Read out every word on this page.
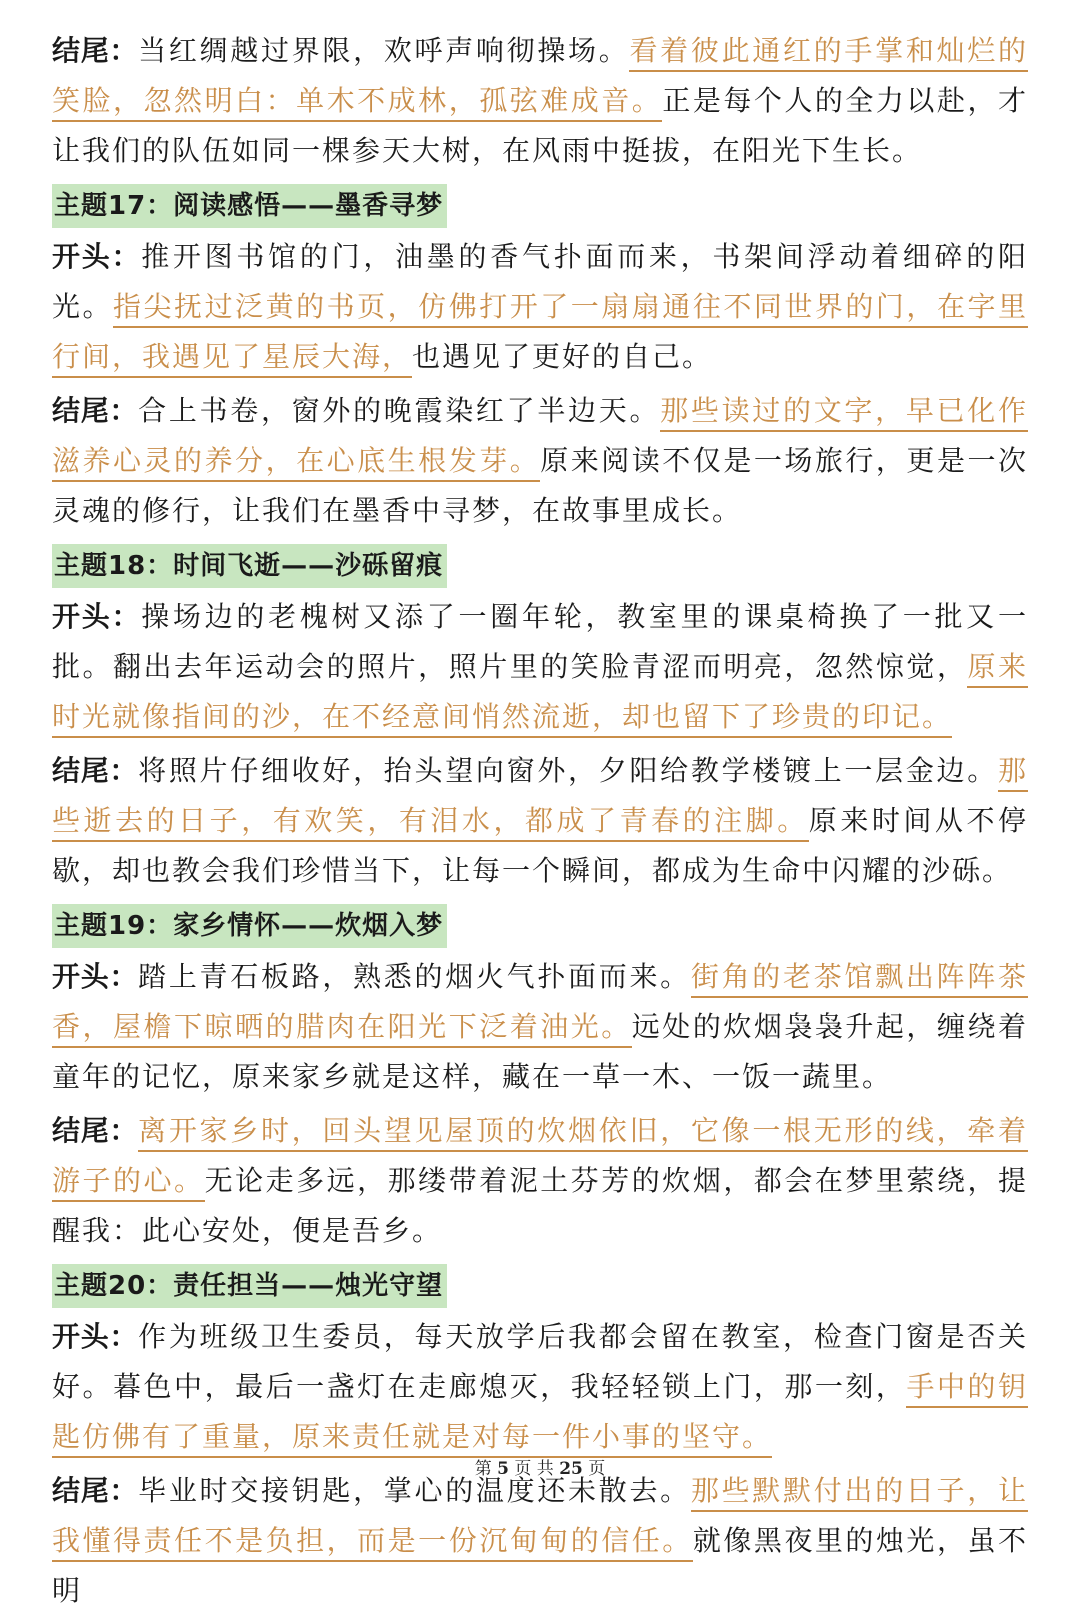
结尾：当红绸越过界限，欢呼声响彻操场。看着彼此通红的手掌和灿烂的笑脸，忽然明白：单木不成林，孤弦难成音。正是每个人的全力以赴，才让我们的队伍如同一棵参天大树，在风雨中挺拔，在阳光下生长。

主题17：阅读感悟——墨香寻梦

开头：推开图书馆的门，油墨的香气扑面而来，书架间浮动着细碎的阳光。指尖抚过泛黄的书页，仿佛打开了一扇扇通往不同世界的门，在字里行间，我遇见了星辰大海，也遇见了更好的自己。

结尾：合上书卷，窗外的晚霞染红了半边天。那些读过的文字，早已化作滋养心灵的养分，在心底生根发芽。原来阅读不仅是一场旅行，更是一次灵魂的修行，让我们在墨香中寻梦，在故事里成长。

主题18：时间飞逝——沙砾留痕

开头：操场边的老槐树又添了一圈年轮，教室里的课桌椅换了一批又一批。翻出去年运动会的照片，照片里的笑脸青涩而明亮，忽然惊觉，原来时光就像指间的沙，在不经意间悄然流逝，却也留下了珍贵的印记。

结尾：将照片仔细收好，抬头望向窗外，夕阳给教学楼镀上一层金边。那些逝去的日子，有欢笑，有泪水，都成了青春的注脚。原来时间从不停歇，却也教会我们珍惜当下，让每一个瞬间，都成为生命中闪耀的沙砾。

主题19：家乡情怀——炊烟入梦

开头：踏上青石板路，熟悉的烟火气扑面而来。街角的老茶馆飘出阵阵茶香，屋檐下晾晒的腊肉在阳光下泛着油光。远处的炊烟袅袅升起，缠绕着童年的记忆，原来家乡就是这样，藏在一草一木、一饭一蔬里。

结尾：离开家乡时，回头望见屋顶的炊烟依旧，它像一根无形的线，牵着游子的心。无论走多远，那缕带着泥土芬芳的炊烟，都会在梦里萦绕，提醒我：此心安处，便是吾乡。

主题20：责任担当——烛光守望

开头：作为班级卫生委员，每天放学后我都会留在教室，检查门窗是否关好。暮色中，最后一盏灯在走廊熄灭，我轻轻锁上门，那一刻，手中的钥匙仿佛有了重量，原来责任就是对每一件小事的坚守。

结尾：毕业时交接钥匙，掌心的温度还未散去。那些默默付出的日子，让我懂得责任不是负担，而是一份沉甸甸的信任。就像黑夜里的烛光，虽不明

第 5 页 共 25 页
